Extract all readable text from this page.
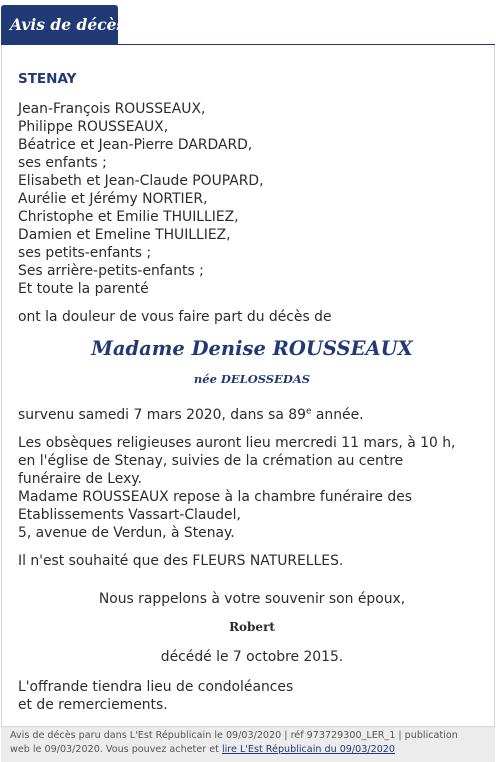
Avis de décès
STENAY
Jean-François ROUSSEAUX,
Philippe ROUSSEAUX,
Béatrice et Jean-Pierre DARDARD,
ses enfants ;
Elisabeth et Jean-Claude POUPARD,
Aurélie et Jérémy NORTIER,
Christophe et Emilie THUILLIEZ,
Damien et Emeline THUILLIEZ,
ses petits-enfants ;
Ses arrière-petits-enfants ;
Et toute la parenté
ont la douleur de vous faire part du décès de
Madame Denise ROUSSEAUX
née DELOSSEDAS
survenu samedi 7 mars 2020, dans sa 89e année.
Les obsèques religieuses auront lieu mercredi 11 mars, à 10 h,
en l'église de Stenay, suivies de la crémation au centre
funéraire de Lexy.
Madame ROUSSEAUX repose à la chambre funéraire des
Etablissements Vassart-Claudel,
5, avenue de Verdun, à Stenay.
Il n'est souhaité que des FLEURS NATURELLES.
Nous rappelons à votre souvenir son époux,
Robert
décédé le 7 octobre 2015.
L'offrande tiendra lieu de condoléances
et de remerciements.
Avis de décès paru dans L'Est Républicain le 09/03/2020 | réf 973729300_LER_1 | publication
web le 09/03/2020. Vous pouvez acheter et lire L'Est Républicain du 09/03/2020
